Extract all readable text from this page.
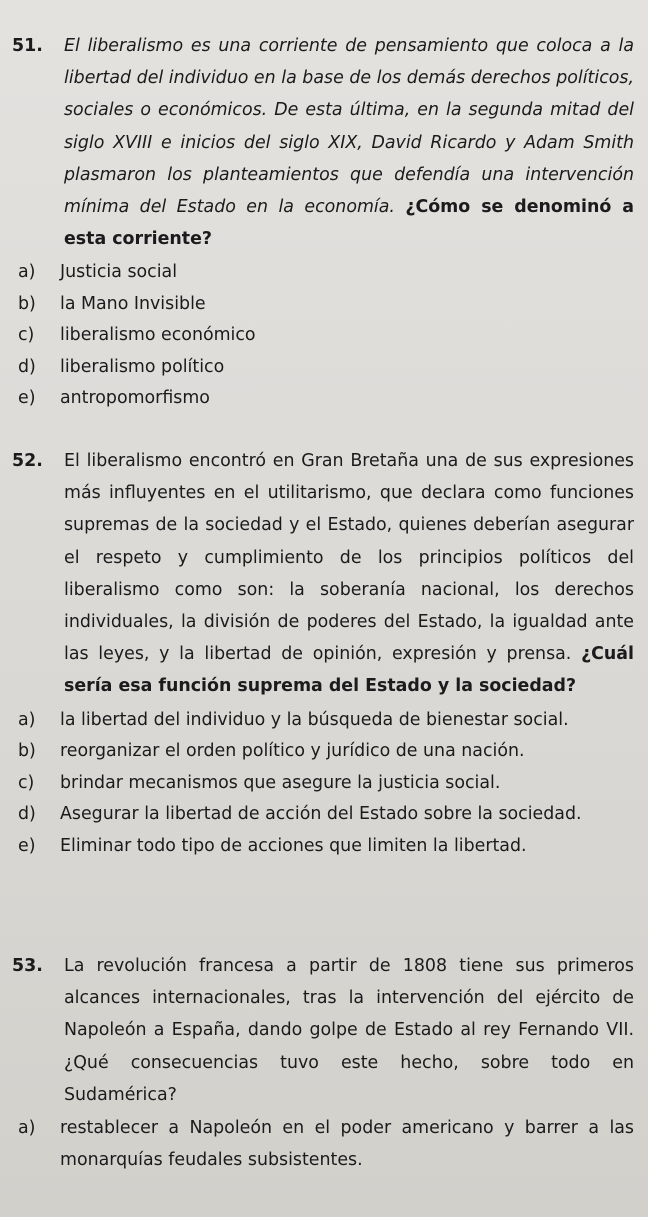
51.	El liberalismo es una corriente de pensamiento que coloca a la libertad del individuo en la base de los demás derechos políticos, sociales o económicos. De esta última, en la segunda mitad del siglo XVIII e inicios del siglo XIX, David Ricardo y Adam Smith plasmaron los planteamientos que defendía una intervención mínima del Estado en la economía. ¿Cómo se denominó a esta corriente?
a)	Justicia social
b)	la Mano Invisible
c)	liberalismo económico
d)	liberalismo político
e)	antropomorfismo
52.	El liberalismo encontró en Gran Bretaña una de sus expresiones más influyentes en el utilitarismo, que declara como funciones supremas de la sociedad y el Estado, quienes deberían asegurar el respeto y cumplimiento de los principios políticos del liberalismo como son: la soberanía nacional, los derechos individuales, la división de poderes del Estado, la igualdad ante las leyes, y la libertad de opinión, expresión y prensa. ¿Cuál sería esa función suprema del Estado y la sociedad?
a)	la libertad del individuo y la búsqueda de bienestar social.
b)	reorganizar el orden político y jurídico de una nación.
c)	brindar mecanismos que asegure la justicia social.
d)	Asegurar la libertad de acción del Estado sobre la sociedad.
e)	Eliminar todo tipo de acciones que limiten la libertad.
53.	La revolución francesa a partir de 1808 tiene sus primeros alcances internacionales, tras la intervención del ejército de Napoleón a España, dando golpe de Estado al rey Fernando VII. ¿Qué consecuencias tuvo este hecho, sobre todo en Sudamérica?
a)	restablecer a Napoleón en el poder americano y barrer a las monarquías feudales subsistentes.
